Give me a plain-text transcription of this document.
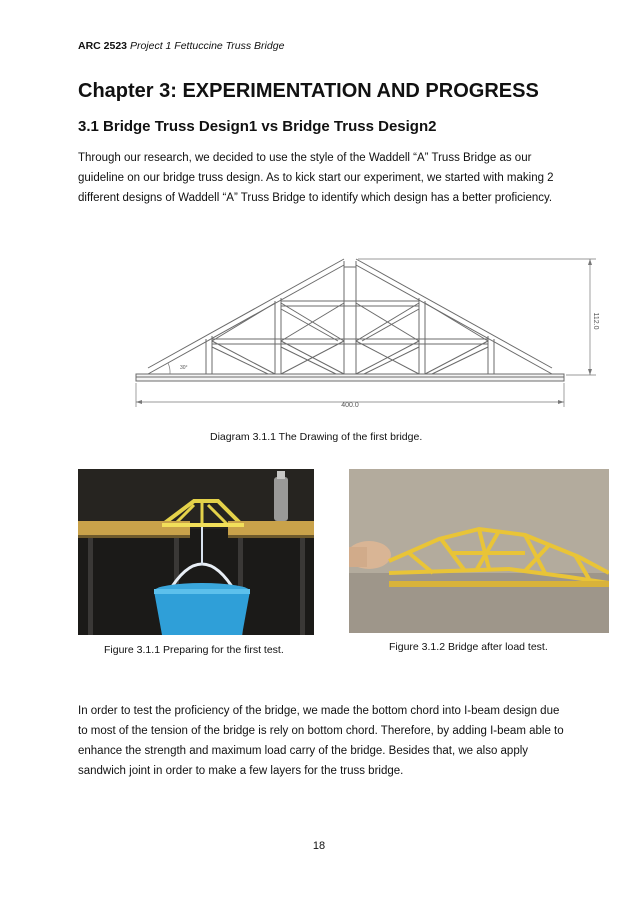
ARC 2523 Project 1 Fettuccine Truss Bridge
Chapter 3: EXPERIMENTATION AND PROGRESS
3.1 Bridge Truss Design1 vs Bridge Truss Design2

Through our research, we decided to use the style of the Waddell “A” Truss Bridge as our guideline on our bridge truss design. As to kick start our experiment, we started with making 2 different designs of Waddell “A” Truss Bridge to identify which design has a better proficiency.

112.0
400.0
30°
Diagram 3.1.1 The Drawing of the first bridge.
Figure 3.1.1 Preparing for the first test.	Figure 3.1.2 Bridge after load test.

In order to test the proficiency of the bridge, we made the bottom chord into I-beam design due to most of the tension of the bridge is rely on bottom chord. Therefore, by adding I-beam able to enhance the strength and maximum load carry of the bridge. Besides that, we also apply sandwich joint in order to make a few layers for the truss bridge.

18
